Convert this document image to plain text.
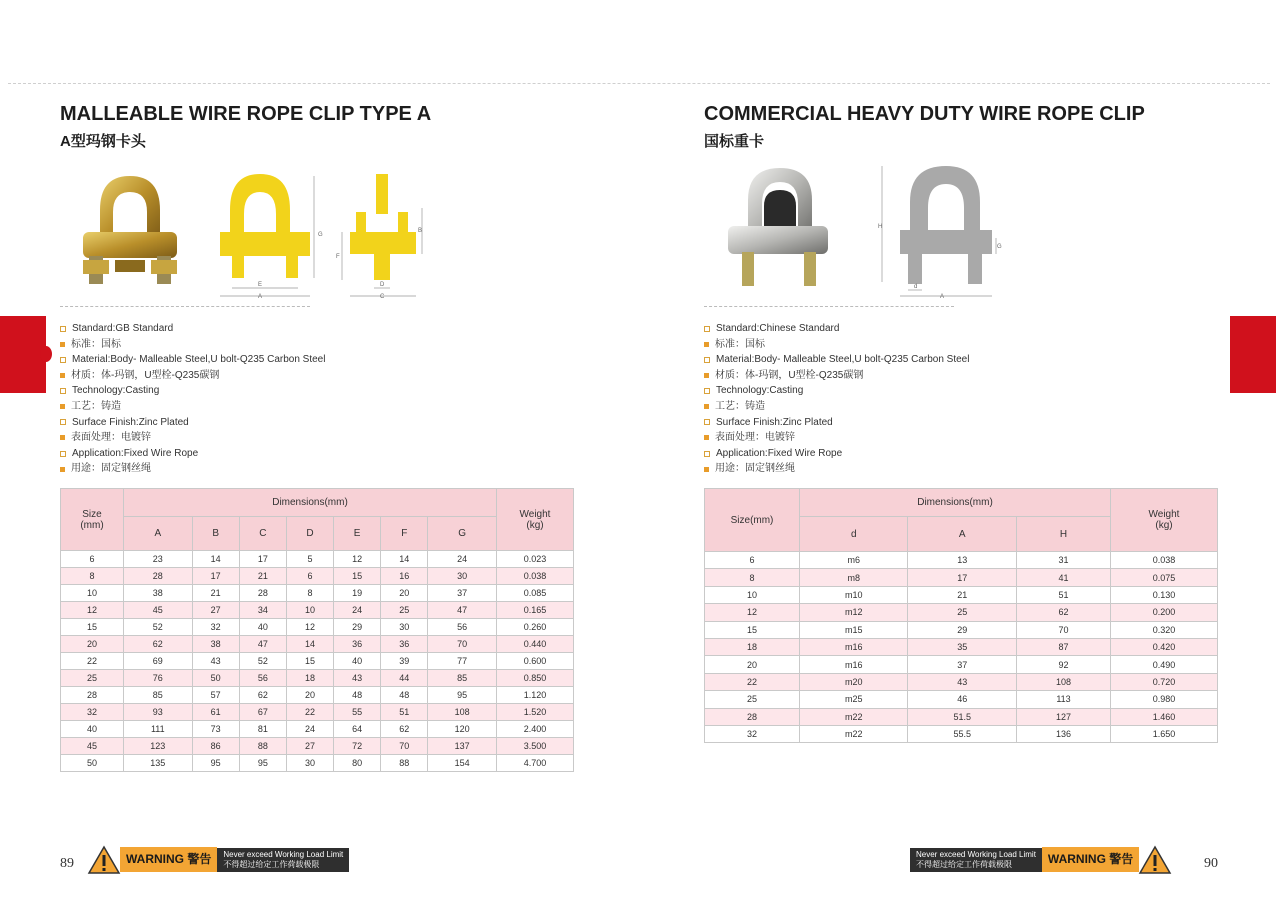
MALLEABLE WIRE ROPE CLIP TYPE A
A型玛钢卡头
G
E
A
F
B
D
C
Standard:GB Standard
标准：国标
Material:Body- Malleable Steel,U bolt-Q235 Carbon Steel
材质：体-玛钢，U型栓-Q235碳钢
Technology:Casting
工艺：铸造
Surface Finish:Zinc Plated
表面处理：电镀锌
Application:Fixed Wire Rope
用途：固定钢丝绳
Size
(mm)	Dimensions(mm)							Weight
(kg)
	A	B	C	D	E	F	G	
6	23	14	17	5	12	14	24	0.023
8	28	17	21	6	15	16	30	0.038
10	38	21	28	8	19	20	37	0.085
12	45	27	34	10	24	25	47	0.165
15	52	32	40	12	29	30	56	0.260
20	62	38	47	14	36	36	70	0.440
22	69	43	52	15	40	39	77	0.600
25	76	50	56	18	43	44	85	0.850
28	85	57	62	20	48	48	95	1.120
32	93	61	67	22	55	51	108	1.520
40	111	73	81	24	64	62	120	2.400
45	123	86	88	27	72	70	137	3.500
50	135	95	95	30	80	88	154	4.700
89	WARNING 警告	Never exceed Working Load Limit
不得超过给定工作荷载极限
COMMERCIAL HEAVY DUTY WIRE ROPE CLIP
国标重卡
H
G
d
A
Standard:Chinese Standard
标准：国标
Material:Body- Malleable Steel,U bolt-Q235 Carbon Steel
材质：体-玛钢，U型栓-Q235碳钢
Technology:Casting
工艺：铸造
Surface Finish:Zinc Plated
表面处理：电镀锌
Application:Fixed Wire Rope
用途：固定钢丝绳
Size(mm)	Dimensions(mm)			Weight
(kg)
	d	A	H	
6	m6	13	31	0.038
8	m8	17	41	0.075
10	m10	21	51	0.130
12	m12	25	62	0.200
15	m15	29	70	0.320
18	m16	35	87	0.420
20	m16	37	92	0.490
22	m20	43	108	0.720
25	m25	46	113	0.980
28	m22	51.5	127	1.460
32	m22	55.5	136	1.650
90
Never exceed Working Load Limit
不得超过给定工作荷载极限	WARNING 警告
